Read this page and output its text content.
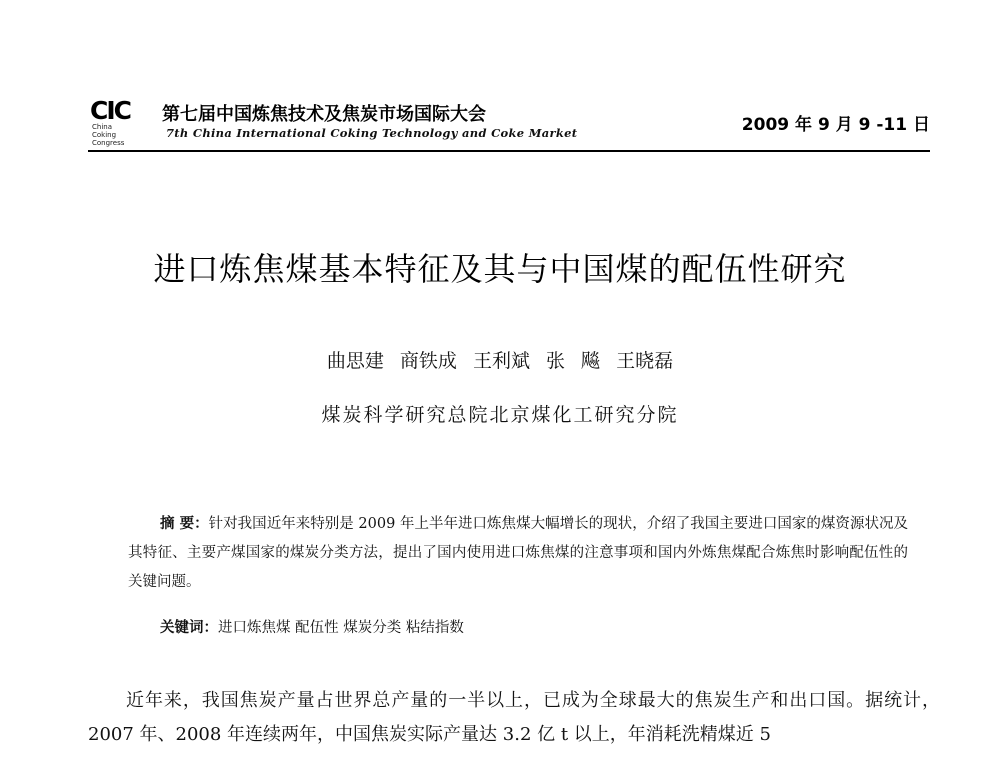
CIC
China
Coking
Congress

第七届中国炼焦技术及焦炭市场国际大会

7th China International Coking Technology and Coke Market	2009 年 9 月 9 -11 日

进口炼焦煤基本特征及其与中国煤的配伍性研究

曲思建 商铁成 王利斌 张 飚 王晓磊

煤炭科学研究总院北京煤化工研究分院

摘 要：针对我国近年来特别是 2009 年上半年进口炼焦煤大幅增长的现状，介绍了我国主要进口国家的煤资源状况及其特征、主要产煤国家的煤炭分类方法，提出了国内使用进口炼焦煤的注意事项和国内外炼焦煤配合炼焦时影响配伍性的关键问题。

关键词：进口炼焦煤 配伍性 煤炭分类 粘结指数

近年来，我国焦炭产量占世界总产量的一半以上，已成为全球最大的焦炭生产和出口国。据统计，2007 年、2008 年连续两年，中国焦炭实际产量达 3.2 亿 t 以上，年消耗洗精煤近 5
